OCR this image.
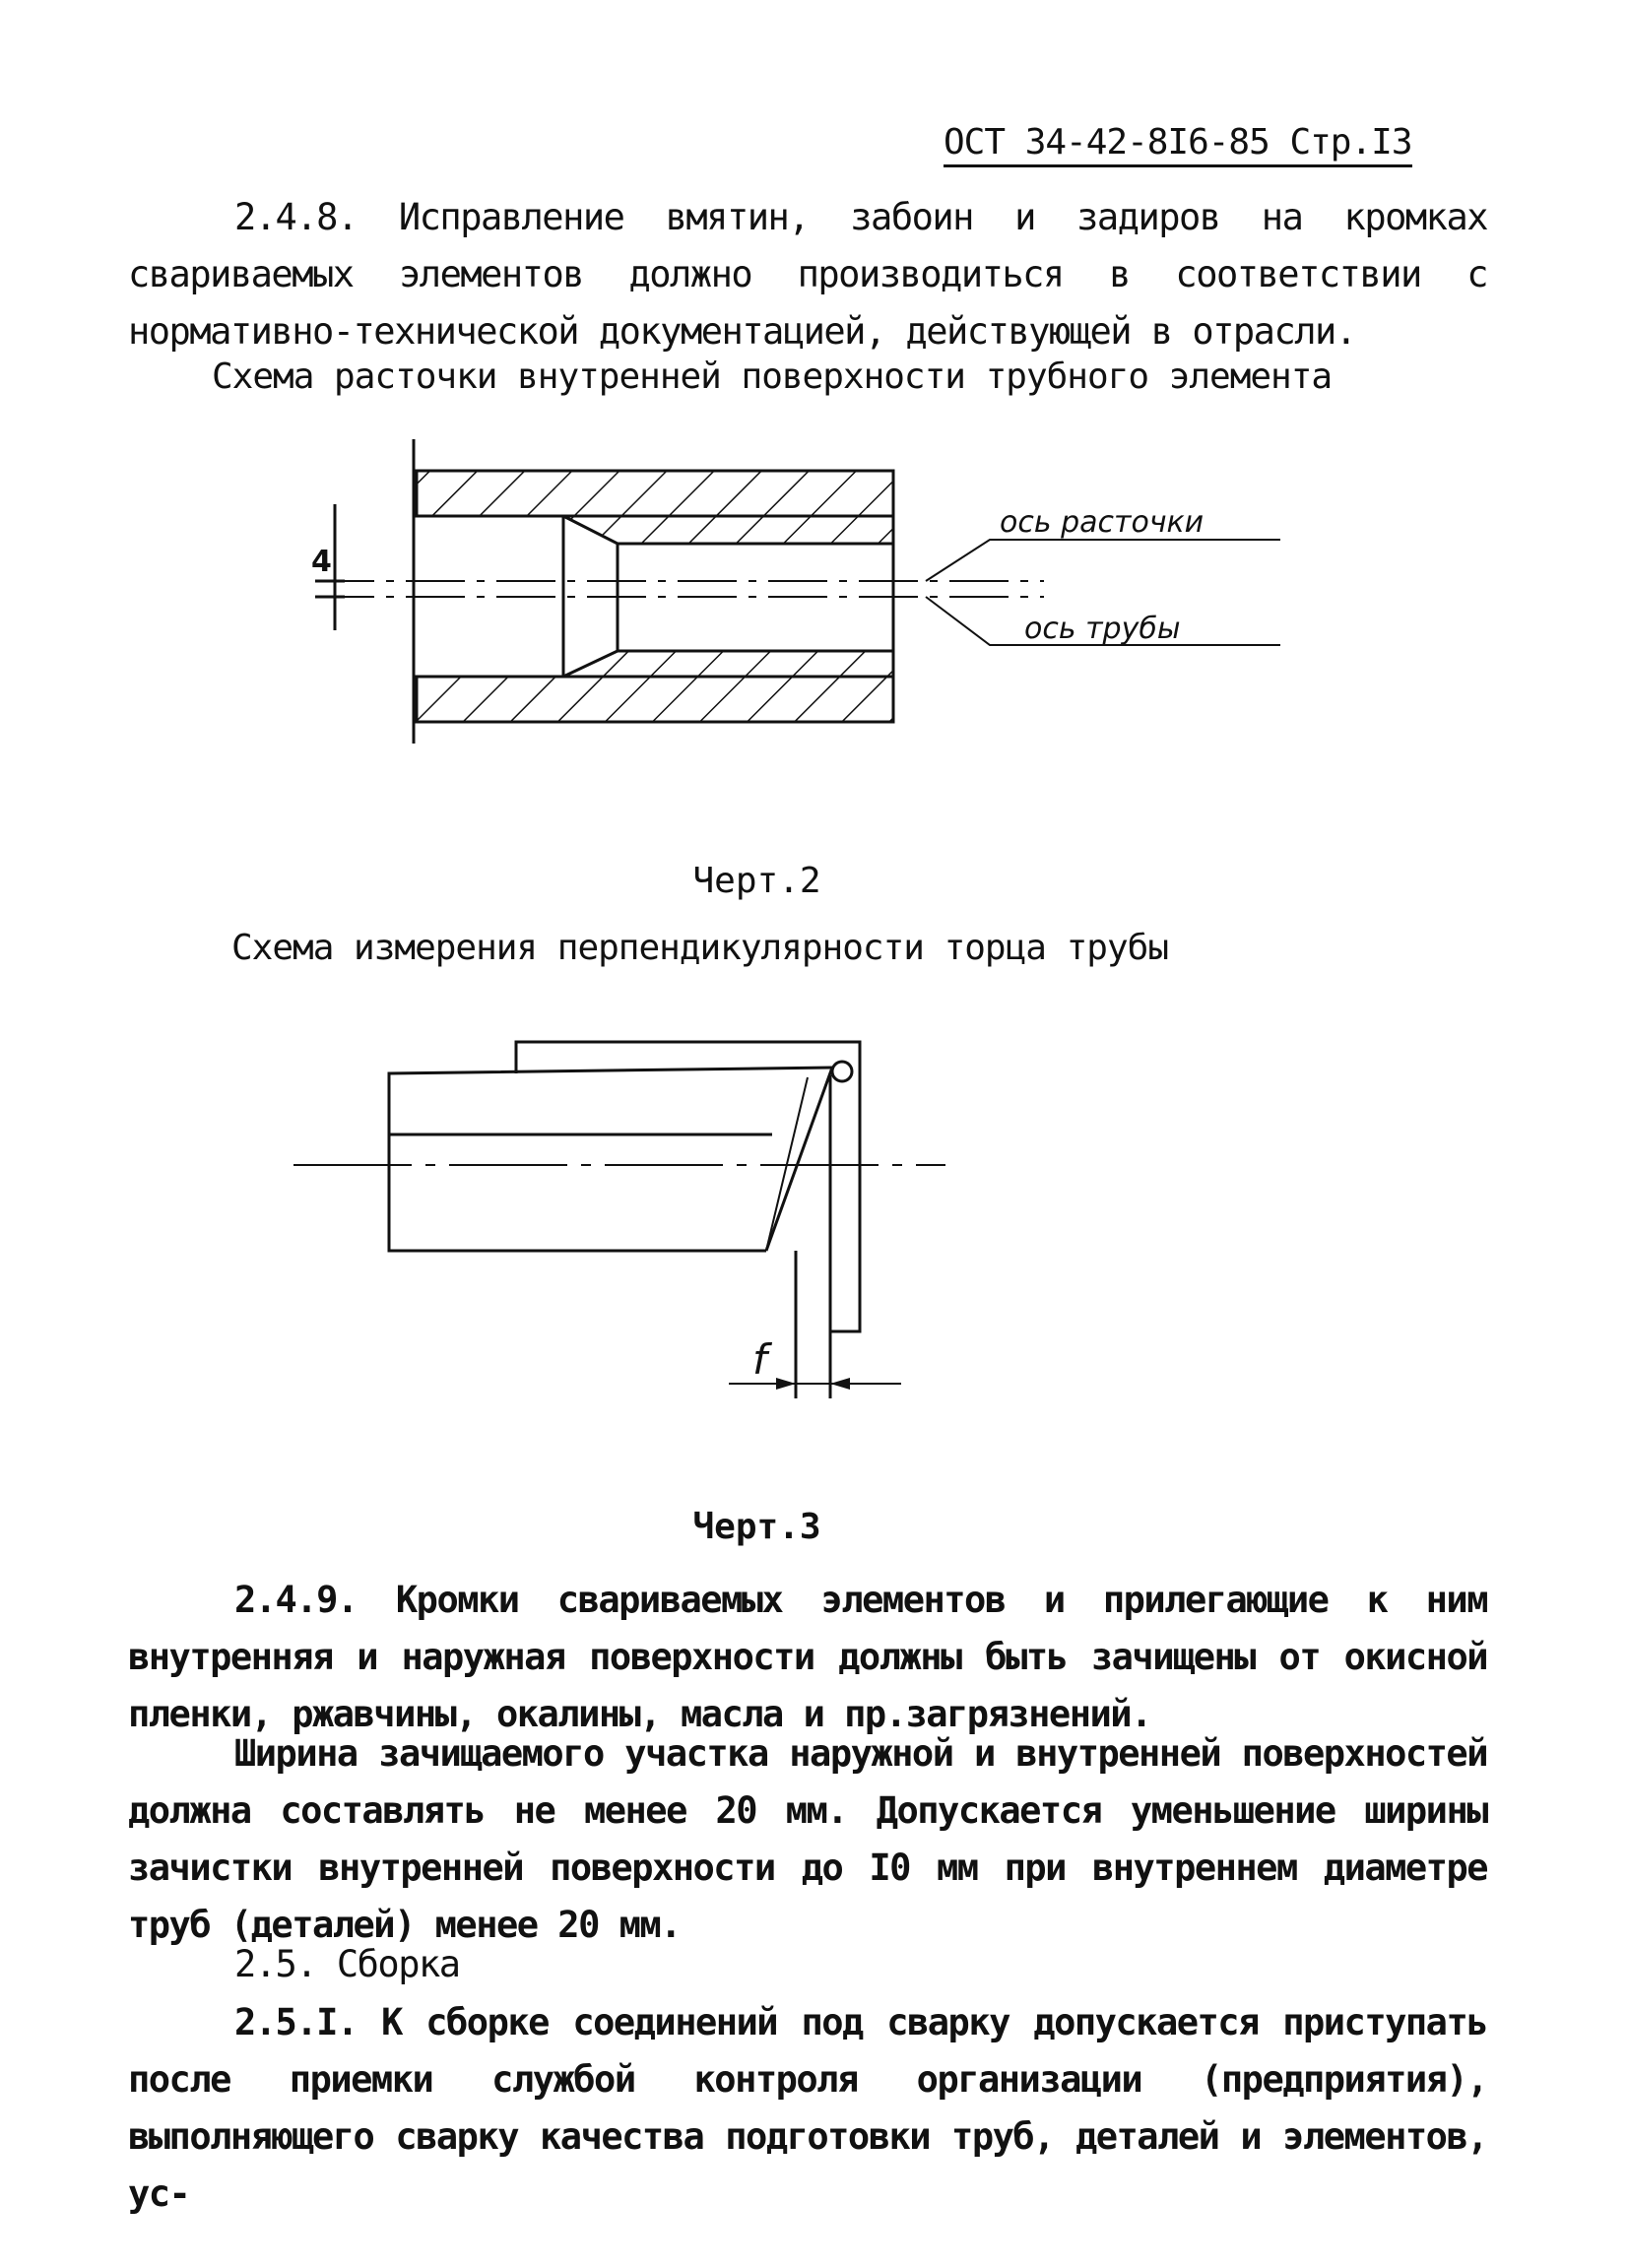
ОСТ 34-42-8I6-85 Стр.I3

2.4.8. Исправление вмятин, забоин и задиров на кромках свариваемых элементов должно производиться в соответствии с нормативно-технической документацией, действующей в отрасли.

Схема расточки внутренней поверхности трубного элемента

4
ось расточки
ось трубы
f

Черт.2

Схема измерения перпендикулярности торца трубы

Черт.3

2.4.9. Кромки свариваемых элементов и прилегающие к ним внутренняя и наружная поверхности должны быть зачищены от окисной пленки, ржавчины, окалины, масла и пр.загрязнений.

Ширина зачищаемого участка наружной и внутренней поверхностей должна составлять не менее 20 мм. Допускается уменьшение ширины зачистки внутренней поверхности до I0 мм при внутреннем диаметре труб (деталей) менее 20 мм.

2.5. Сборка

2.5.I. К сборке соединений под сварку допускается приступать после приемки службой контроля организации (предприятия), выполняющего сварку качества подготовки труб, деталей и элементов, ус-
